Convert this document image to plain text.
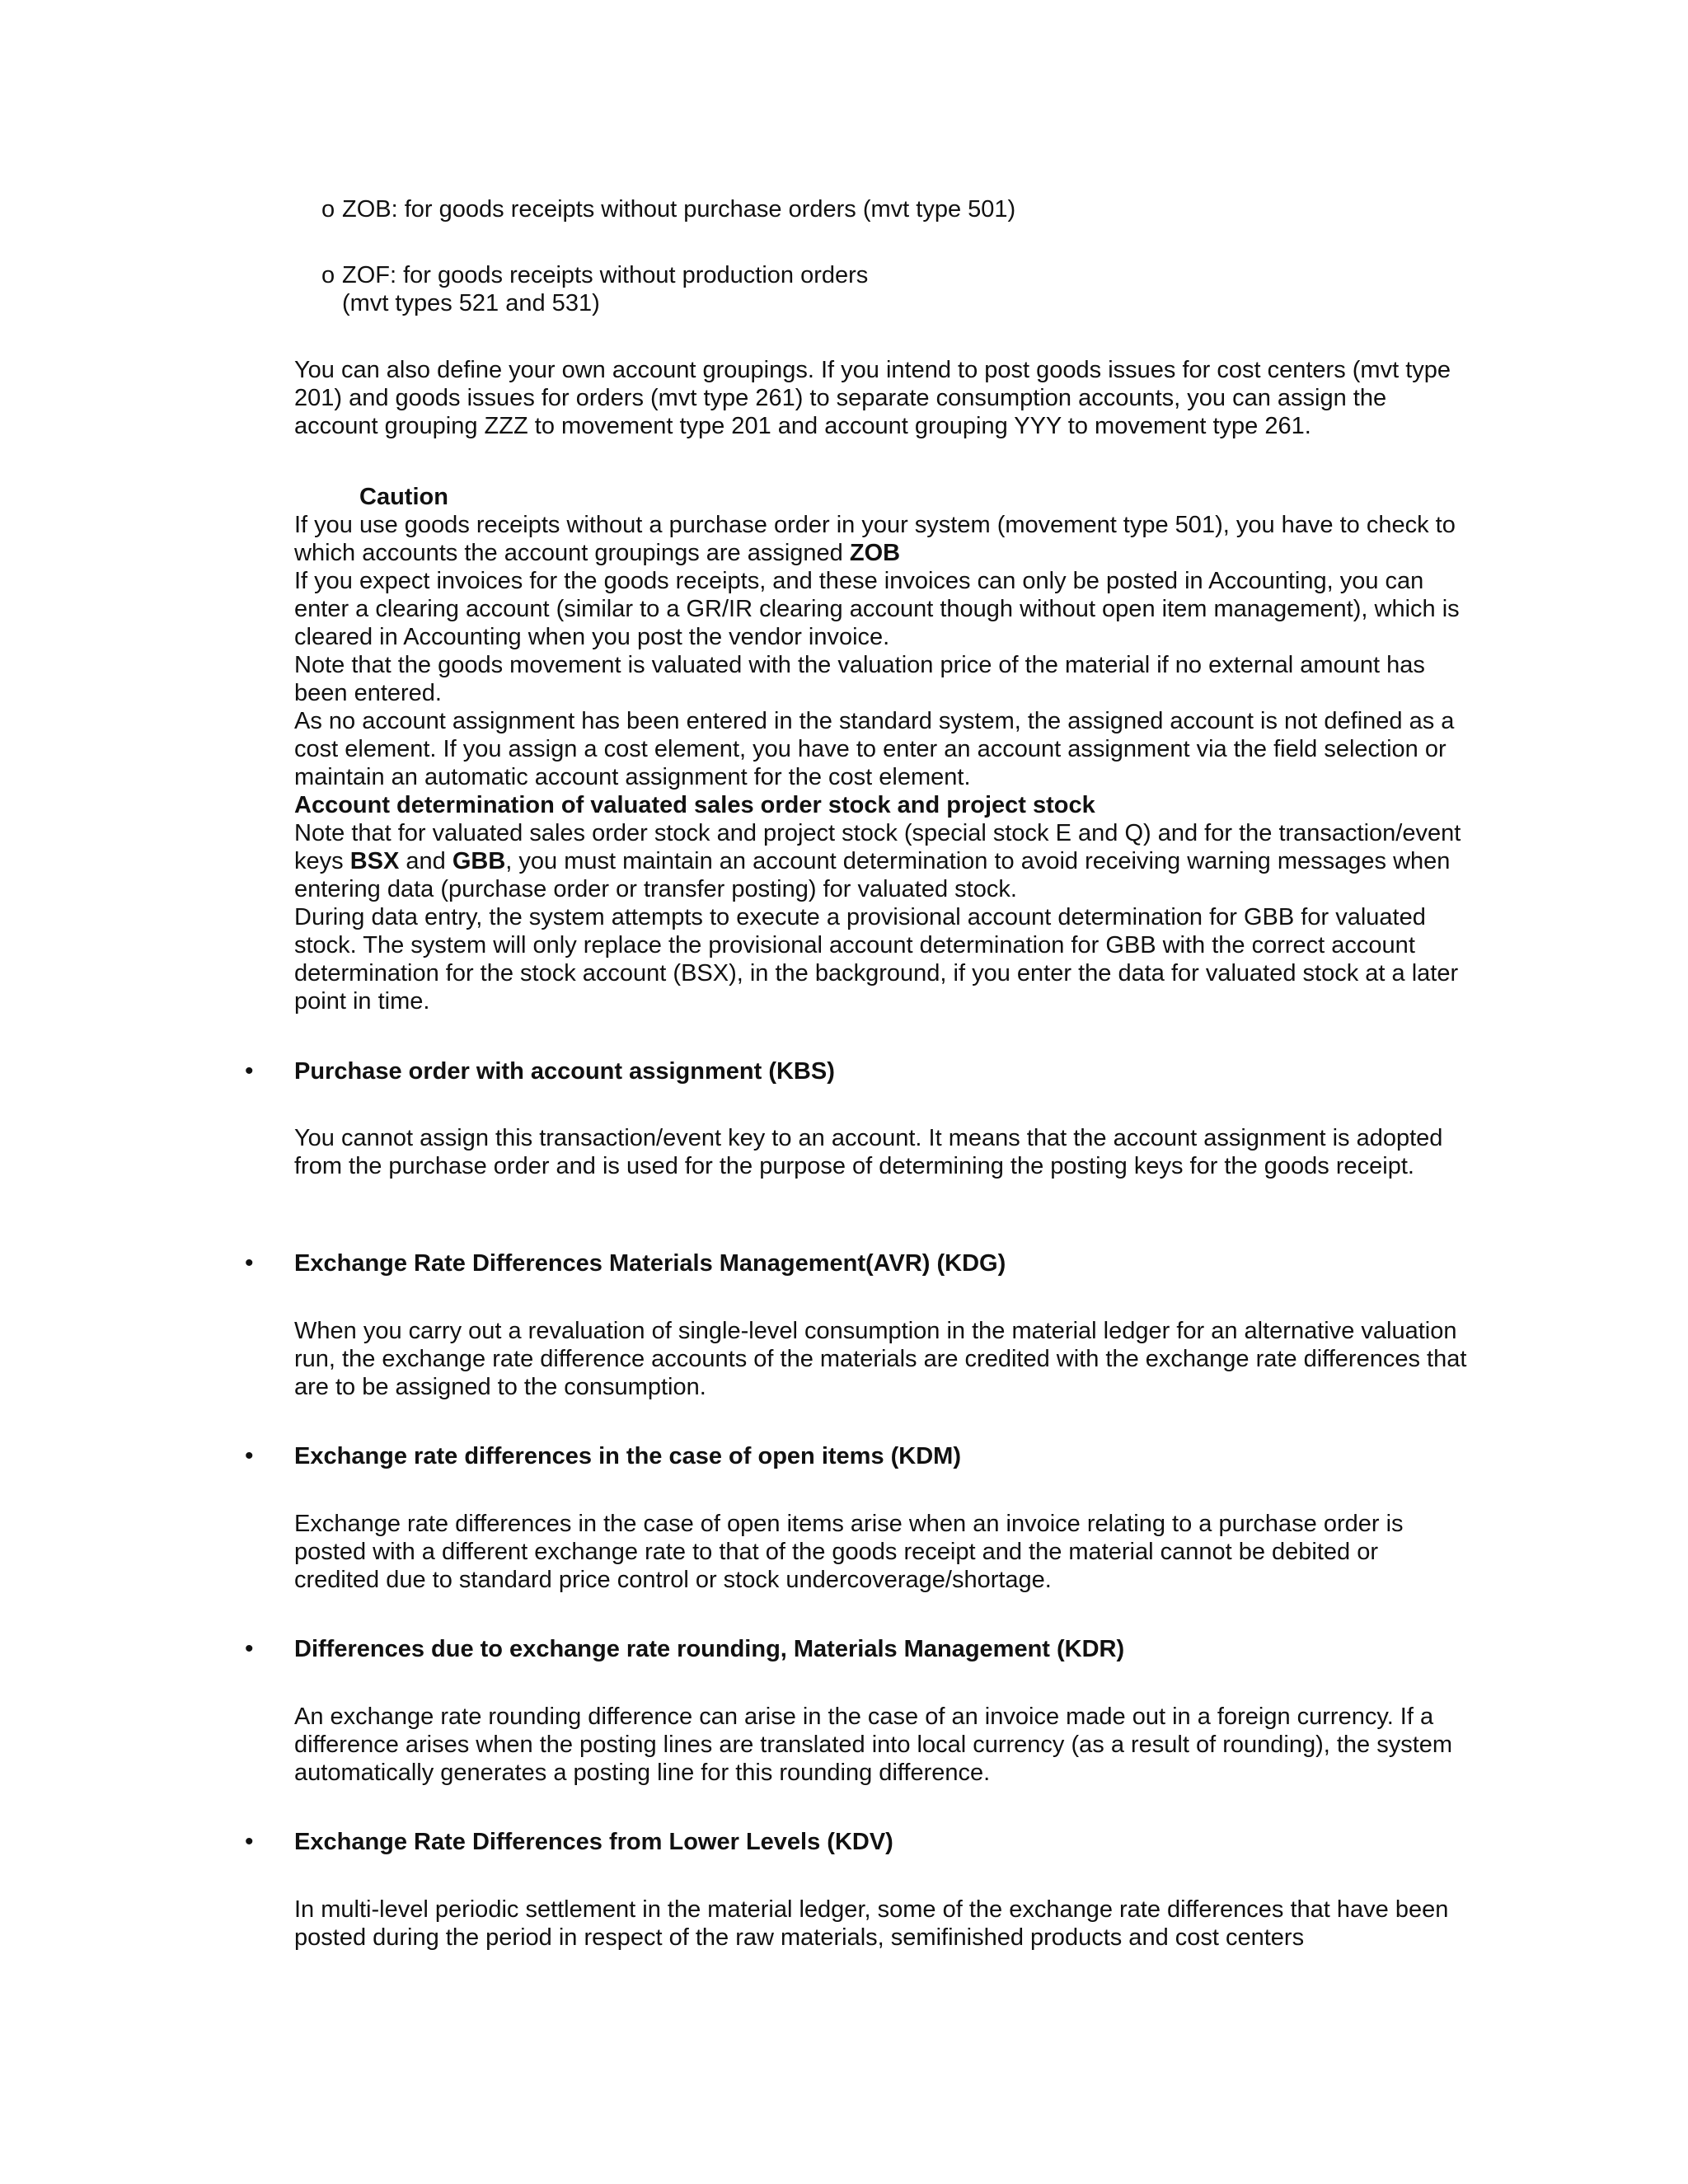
o ZOB: for goods receipts without purchase orders (mvt type 501)
o ZOF: for goods receipts without production orders
(mvt types 521 and 531)

You can also define your own account groupings. If you intend to post goods issues for cost centers (mvt type 201) and goods issues for orders (mvt type 261) to separate consumption accounts, you can assign the account grouping ZZZ to movement type 201 and account grouping YYY to movement type 261.

Caution

If you use goods receipts without a purchase order in your system (movement type 501), you have to check to which accounts the account groupings are assigned ZOB
If you expect invoices for the goods receipts, and these invoices can only be posted in Accounting, you can enter a clearing account (similar to a GR/IR clearing account though without open item management), which is cleared in Accounting when you post the vendor invoice.
Note that the goods movement is valuated with the valuation price of the material if no external amount has been entered.
As no account assignment has been entered in the standard system, the assigned account is not defined as a cost element. If you assign a cost element, you have to enter an account assignment via the field selection or maintain an automatic account assignment for the cost element.
Account determination of valuated sales order stock and project stock
Note that for valuated sales order stock and project stock (special stock E and Q) and for the transaction/event keys BSX and GBB, you must maintain an account determination to avoid receiving warning messages when entering data (purchase order or transfer posting) for valuated stock.
During data entry, the system attempts to execute a provisional account determination for GBB for valuated stock. The system will only replace the provisional account determination for GBB with the correct account determination for the stock account (BSX), in the background, if you enter the data for valuated stock at a later point in time.
•	Purchase order with account assignment (KBS)

You cannot assign this transaction/event key to an account. It means that the account assignment is adopted from the purchase order and is used for the purpose of determining the posting keys for the goods receipt.

•	Exchange Rate Differences Materials Management(AVR) (KDG)

When you carry out a revaluation of single-level consumption in the material ledger for an alternative valuation run, the exchange rate difference accounts of the materials are credited with the exchange rate differences that are to be assigned to the consumption.

•	Exchange rate differences in the case of open items (KDM)

Exchange rate differences in the case of open items arise when an invoice relating to a purchase order is posted with a different exchange rate to that of the goods receipt and the material cannot be debited or credited due to standard price control or stock undercoverage/shortage.

•	Differences due to exchange rate rounding, Materials Management (KDR)

An exchange rate rounding difference can arise in the case of an invoice made out in a foreign currency. If a difference arises when the posting lines are translated into local currency (as a result of rounding), the system automatically generates a posting line for this rounding difference.

•	Exchange Rate Differences from Lower Levels (KDV)

In multi-level periodic settlement in the material ledger, some of the exchange rate differences that have been posted during the period in respect of the raw materials, semifinished products and cost centers
